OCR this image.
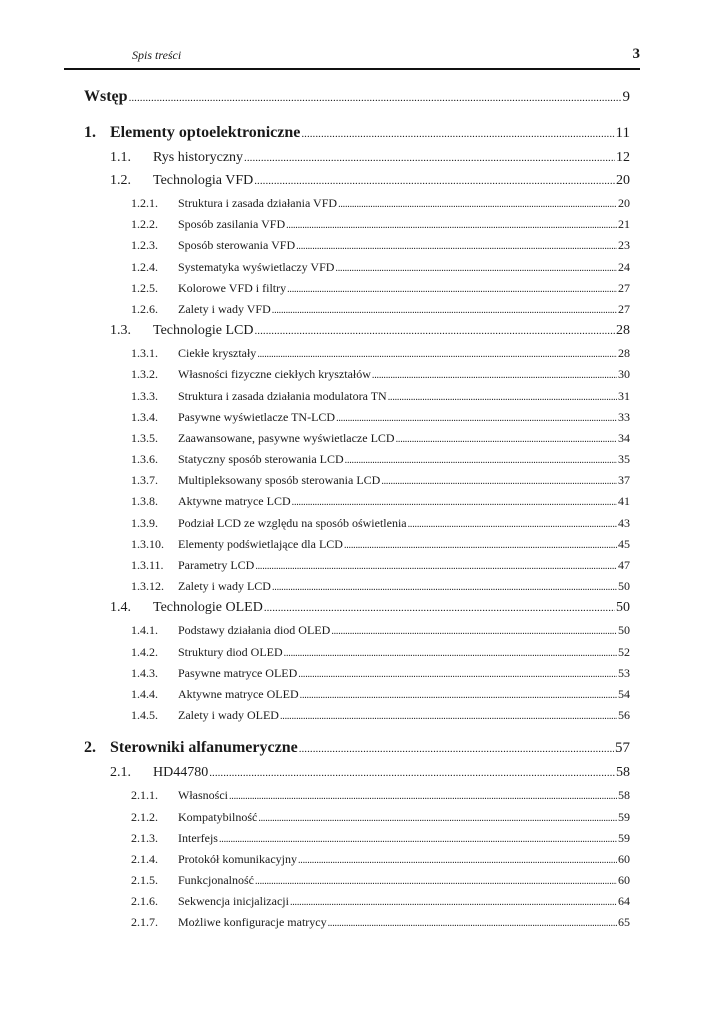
Spis treści	3
Wstęp . . .	9
1. Elementy optoelektroniczne . . .	11
1.1.	Rys historyczny . . .	12
1.2.	Technologia VFD . . .	20
1.2.1.	Struktura i zasada działania VFD . . .	20
1.2.2.	Sposób zasilania VFD . . .	21
1.2.3.	Sposób sterowania VFD . . .	23
1.2.4.	Systematyka wyświetlaczy VFD . . .	24
1.2.5.	Kolorowe VFD i filtry . . .	27
1.2.6.	Zalety i wady VFD . . .	27
1.3.	Technologie LCD . . .	28
1.3.1.	Ciekłe kryształy . . .	28
1.3.2.	Własności fizyczne ciekłych kryształów . . .	30
1.3.3.	Struktura i zasada działania modulatora TN . . .	31
1.3.4.	Pasywne wyświetlacze TN-LCD . . .	33
1.3.5.	Zaawansowane, pasywne wyświetlacze LCD . . .	34
1.3.6.	Statyczny sposób sterowania LCD . . .	35
1.3.7.	Multipleksowany sposób sterowania LCD . . .	37
1.3.8.	Aktywne matryce LCD . . .	41
1.3.9.	Podział LCD ze względu na sposób oświetlenia . . .	43
1.3.10.	Elementy podświetlające dla LCD . . .	45
1.3.11.	Parametry LCD . . .	47
1.3.12.	Zalety i wady LCD . . .	50
1.4.	Technologie OLED . . .	50
1.4.1.	Podstawy działania diod OLED . . .	50
1.4.2.	Struktury diod OLED . . .	52
1.4.3.	Pasywne matryce OLED . . .	53
1.4.4.	Aktywne matryce OLED . . .	54
1.4.5.	Zalety i wady OLED . . .	56
2. Sterowniki alfanumeryczne . . .	57
2.1.	HD44780 . . .	58
2.1.1.	Własności . . .	58
2.1.2.	Kompatybilność . . .	59
2.1.3.	Interfejs . . .	59
2.1.4.	Protokół komunikacyjny . . .	60
2.1.5.	Funkcjonalność . . .	60
2.1.6.	Sekwencja inicjalizacji . . .	64
2.1.7.	Możliwe konfiguracje matrycy . . .	65
